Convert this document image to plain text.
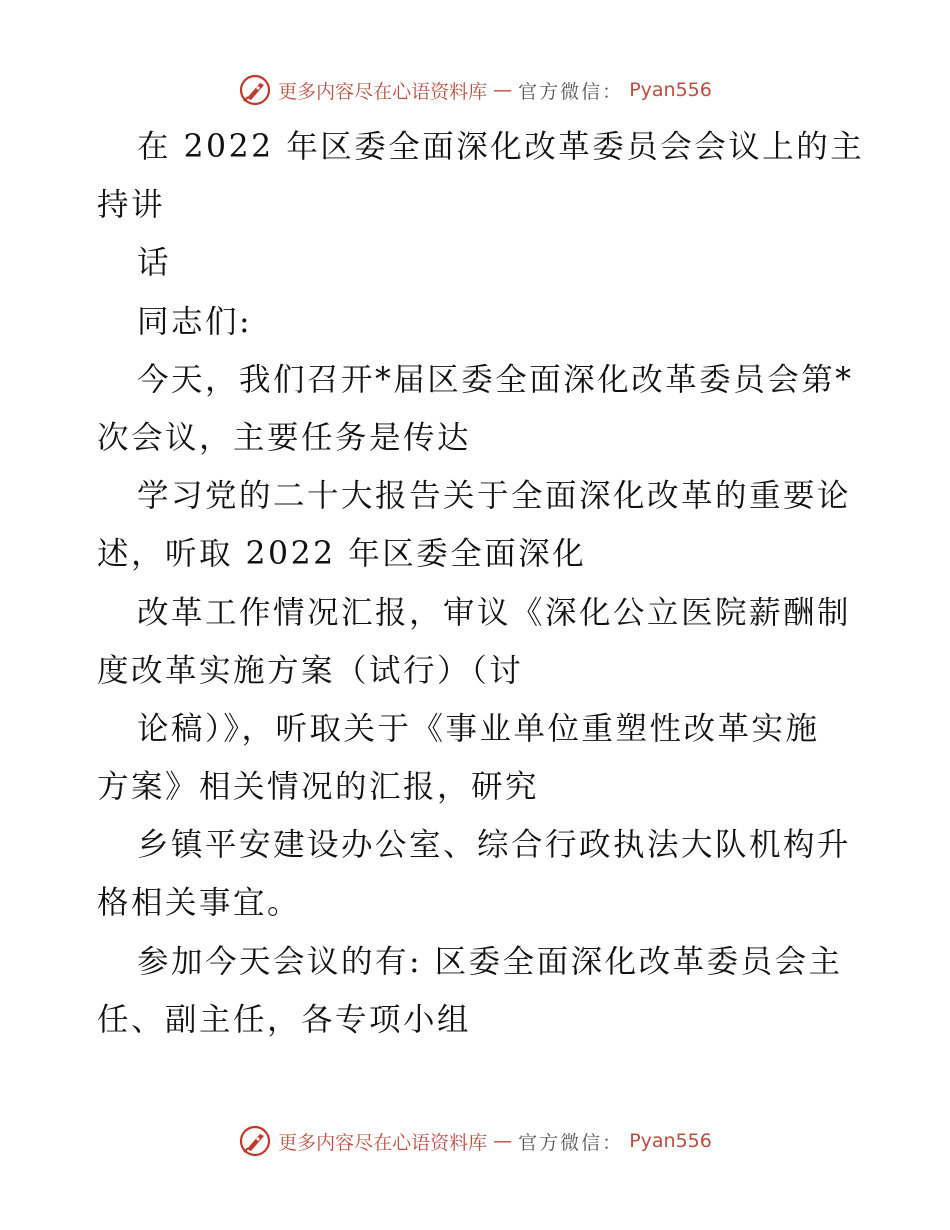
更多内容尽在心语资料库 — 官方微信： Pyan556
在 2022 年区委全面深化改革委员会会议上的主
持讲
话
同志们:
今天，我们召开*届区委全面深化改革委员会第*
次会议，主要任务是传达
学习党的二十大报告关于全面深化改革的重要论
述，听取 2022 年区委全面深化
改革工作情况汇报，审议《深化公立医院薪酬制
度改革实施方案（试行）（讨
论稿）》，听取关于《事业单位重塑性改革实施
方案》相关情况的汇报，研究
乡镇平安建设办公室、综合行政执法大队机构升
格相关事宜。
参加今天会议的有: 区委全面深化改革委员会主
任、副主任，各专项小组
更多内容尽在心语资料库 — 官方微信： Pyan556
